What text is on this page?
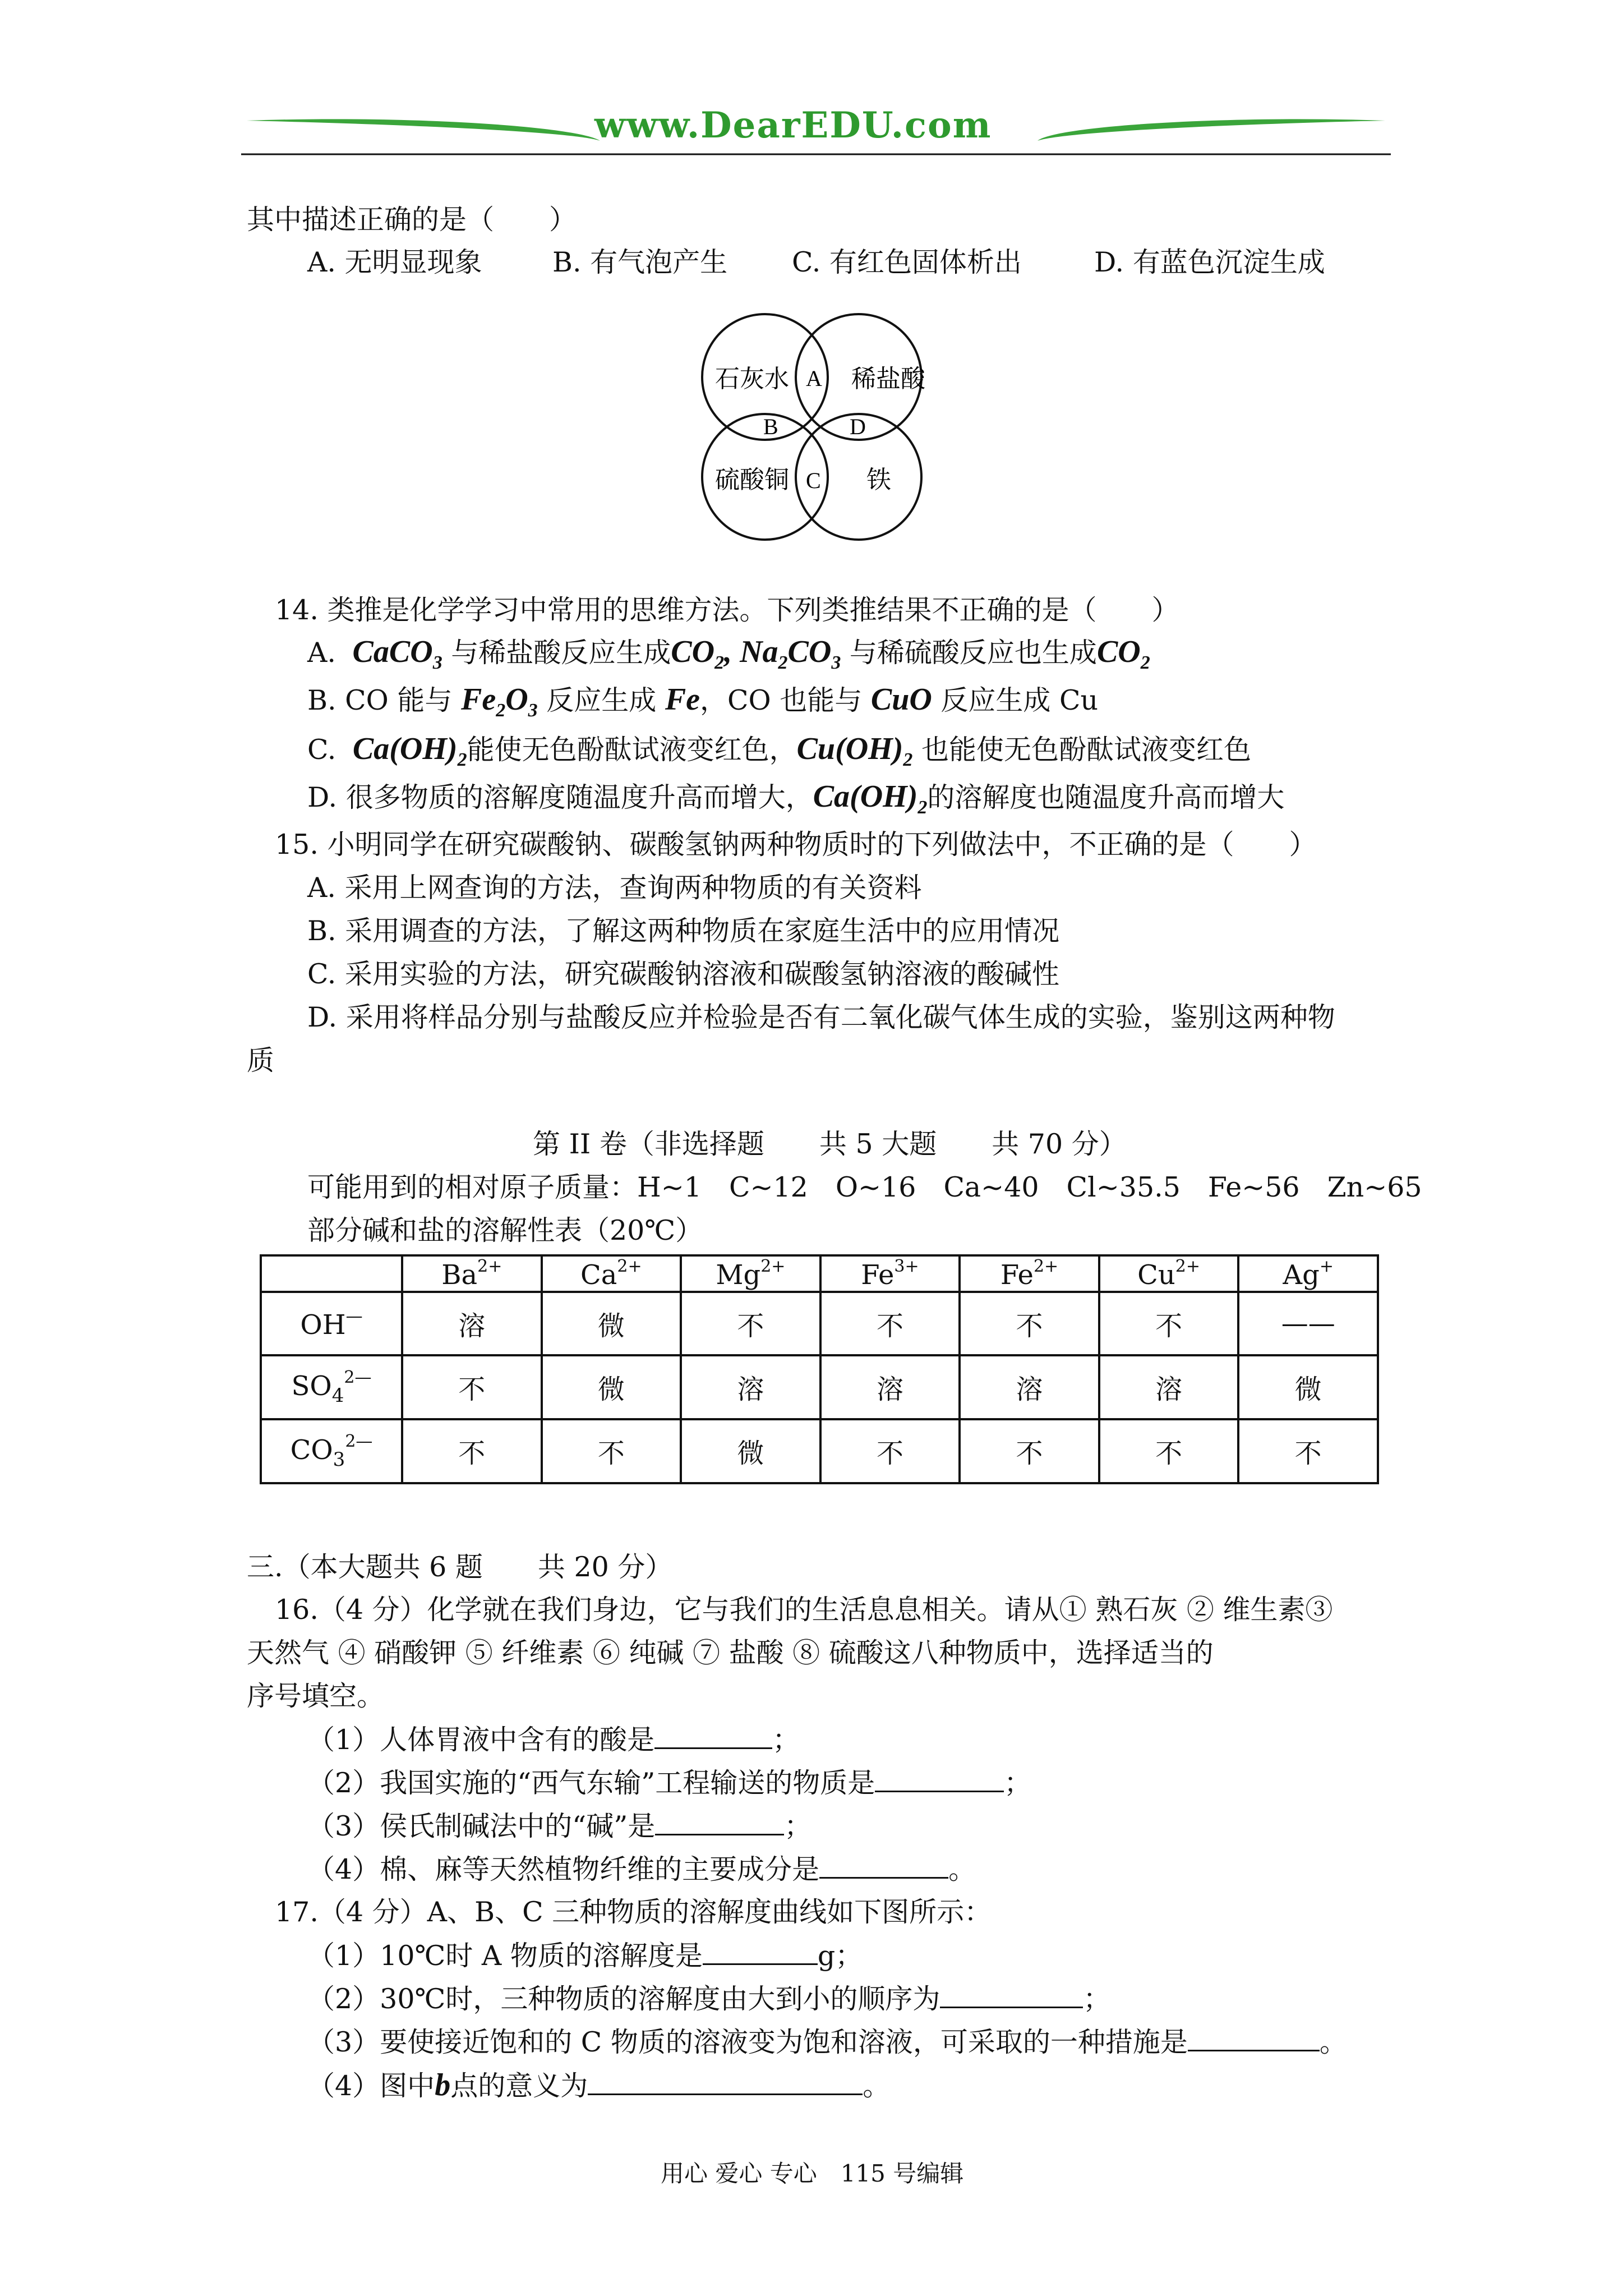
www.DearEDU.com
其中描述正确的是（　　）
A. 无明显现象	B. 有气泡产生 C. 有红色固体析出	D. 有蓝色沉淀生成
石灰水	稀盐酸
硫酸铜	铁
A
B
C
D
14. 类推是化学学习中常用的思维方法。下列类推结果不正确的是（　　）
A.  CaCO$_3$ 与稀盐酸反应生成$CO_2$, $Na_2CO_3$ 与稀硫酸反应也生成$CO_2$
B. CO 能与 $Fe_2O_3$ 反应生成 Fe，CO 也能与 CuO 反应生成 Cu
C.  $Ca(OH)_2$能使无色酚酞试液变红色，$Cu(OH)_2$ 也能使无色酚酞试液变红色
D. 很多物质的溶解度随温度升高而增大，$Ca(OH)_2$的溶解度也随温度升高而增大
15. 小明同学在研究碳酸钠、碳酸氢钠两种物质时的下列做法中，不正确的是（　　）
A. 采用上网查询的方法，查询两种物质的有关资料
B. 采用调查的方法，了解这两种物质在家庭生活中的应用情况
C. 采用实验的方法，研究碳酸钠溶液和碳酸氢钠溶液的酸碱性
D. 采用将样品分别与盐酸反应并检验是否有二氧化碳气体生成的实验，鉴别这两种物
质
第 II 卷（非选择题　　共 5 大题　　共 70 分）
可能用到的相对原子质量：H~1　C~12　O~16　Ca~40　Cl~35.5　Fe~56　Zn~65
部分碱和盐的溶解性表（20℃）
	$Ba^{2+}$	$Ca^{2+}$	$Mg^{2+}$	$Fe^{3+}$	$Fe^{2+}$	$Cu^{2+}$	Ag+
OH—	溶	微	不	不	不	不	——
$SO_4^{2—}$	不	微	溶	溶	溶	溶	微
$CO_3^{2—}$	不	不	微	不	不	不	不
三.（本大题共 6 题　　共 20 分）
16.（4 分）化学就在我们身边，它与我们的生活息息相关。请从① 熟石灰 ② 维生素③
天然气 ④ 硝酸钾 ⑤ 纤维素 ⑥ 纯碱 ⑦ 盐酸 ⑧ 硫酸这八种物质中，选择适当的
序号填空。
（1）人体胃液中含有的酸是	；
（2）我国实施的“西气东输”工程输送的物质是	；
（3）侯氏制碱法中的“碱”是	；
（4）棉、麻等天然植物纤维的主要成分是	。
17.（4 分）A、B、C 三种物质的溶解度曲线如下图所示：
（1）10℃时 A 物质的溶解度是	g；
（2）30℃时，三种物质的溶解度由大到小的顺序为	；
（3）要使接近饱和的 C 物质的溶液变为饱和溶液，可采取的一种措施是	。
（4）图中b点的意义为	。
用心 爱心 专心　115 号编辑
